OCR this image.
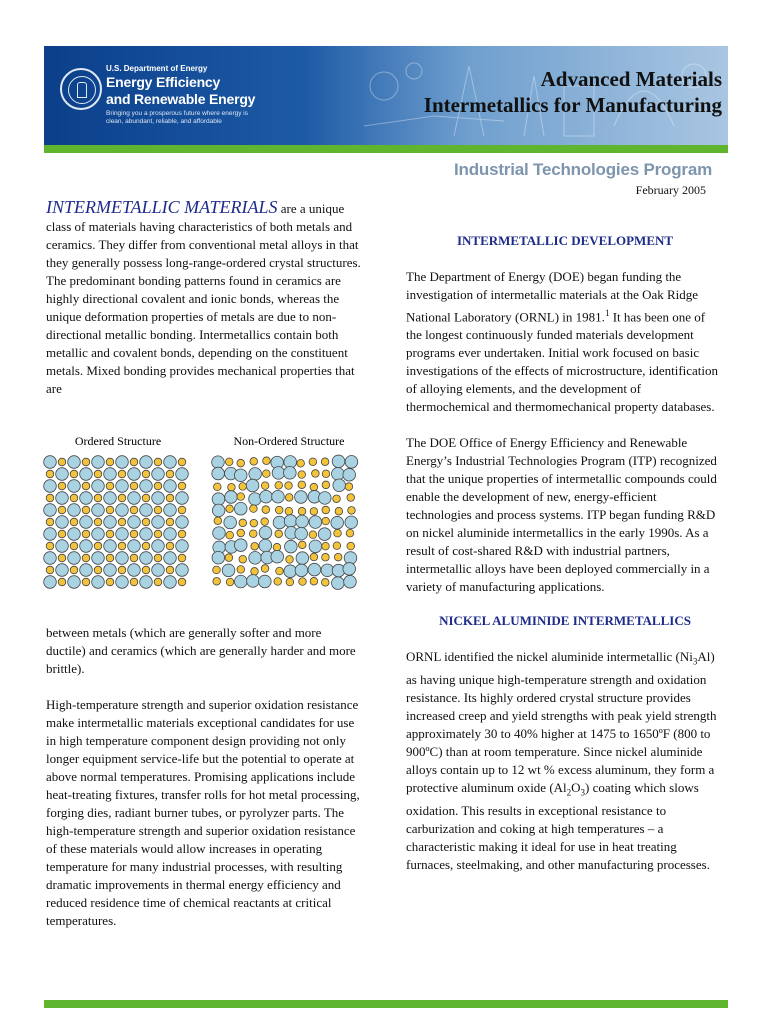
U.S. Department of Energy
Energy Efficiency
and Renewable Energy
Bringing you a prosperous future where energy is clean, abundant, reliable, and affordable
Advanced Materials
Intermetallics for Manufacturing
Industrial Technologies Program
February 2005

INTERMETALLIC MATERIALS are a unique class of materials having characteristics of both metals and ceramics. They differ from conventional metal alloys in that they generally possess long-range-ordered crystal structures. The predominant bonding patterns found in ceramics are highly directional covalent and ionic bonds, whereas the unique deformation properties of metals are due to non-directional metallic bonding. Intermetallics contain both metallic and covalent bonds, depending on the constituent metals. Mixed bonding provides mechanical properties that are

Ordered Structure	Non-Ordered Structure

between metals (which are generally softer and more ductile) and ceramics (which are generally harder and more brittle).

High-temperature strength and superior oxidation resistance make intermetallic materials exceptional candidates for use in high temperature component design providing not only longer equipment service-life but the potential to operate at above normal temperatures. Promising applications include heat-treating fixtures, transfer rolls for hot metal processing, forging dies, radiant burner tubes, or pyrolyzer parts. The high-temperature strength and superior oxidation resistance of these materials would allow increases in operating temperature for many industrial processes, with resulting dramatic improvements in thermal energy efficiency and reduced residence time of chemical reactants at critical temperatures.

INTERMETALLIC DEVELOPMENT

The Department of Energy (DOE) began funding the investigation of intermetallic materials at the Oak Ridge National Laboratory (ORNL) in 1981.$^1$ It has been one of the longest continuously funded materials development programs ever undertaken. Initial work focused on basic investigations of the effects of microstructure, identification of alloying elements, and the development of thermochemical and thermomechanical property databases.

The DOE Office of Energy Efficiency and Renewable Energy’s Industrial Technologies Program (ITP) recognized that the unique properties of intermetallic compounds could enable the development of new, energy-efficient technologies and process systems. ITP began funding R&D on nickel aluminide intermetallics in the early 1990s. As a result of cost-shared R&D with industrial partners, intermetallic alloys have been deployed commercially in a variety of manufacturing applications.

NICKEL ALUMINIDE INTERMETALLICS

ORNL identified the nickel aluminide intermetallic $(Ni_3Al)$ as having unique high-temperature strength and oxidation resistance. Its highly ordered crystal structure provides increased creep and yield strengths with peak yield strength approximately 30 to 40% higher at 1475 to 1650ºF (800 to 900ºC) than at room temperature. Since nickel aluminide alloys contain up to 12 wt % excess aluminum, they form a protective aluminum oxide $(Al_2O_3)$ coating which slows oxidation. This results in exceptional resistance to carburization and coking at high temperatures – a characteristic making it ideal for use in heat treating furnaces, steelmaking, and other manufacturing processes.
